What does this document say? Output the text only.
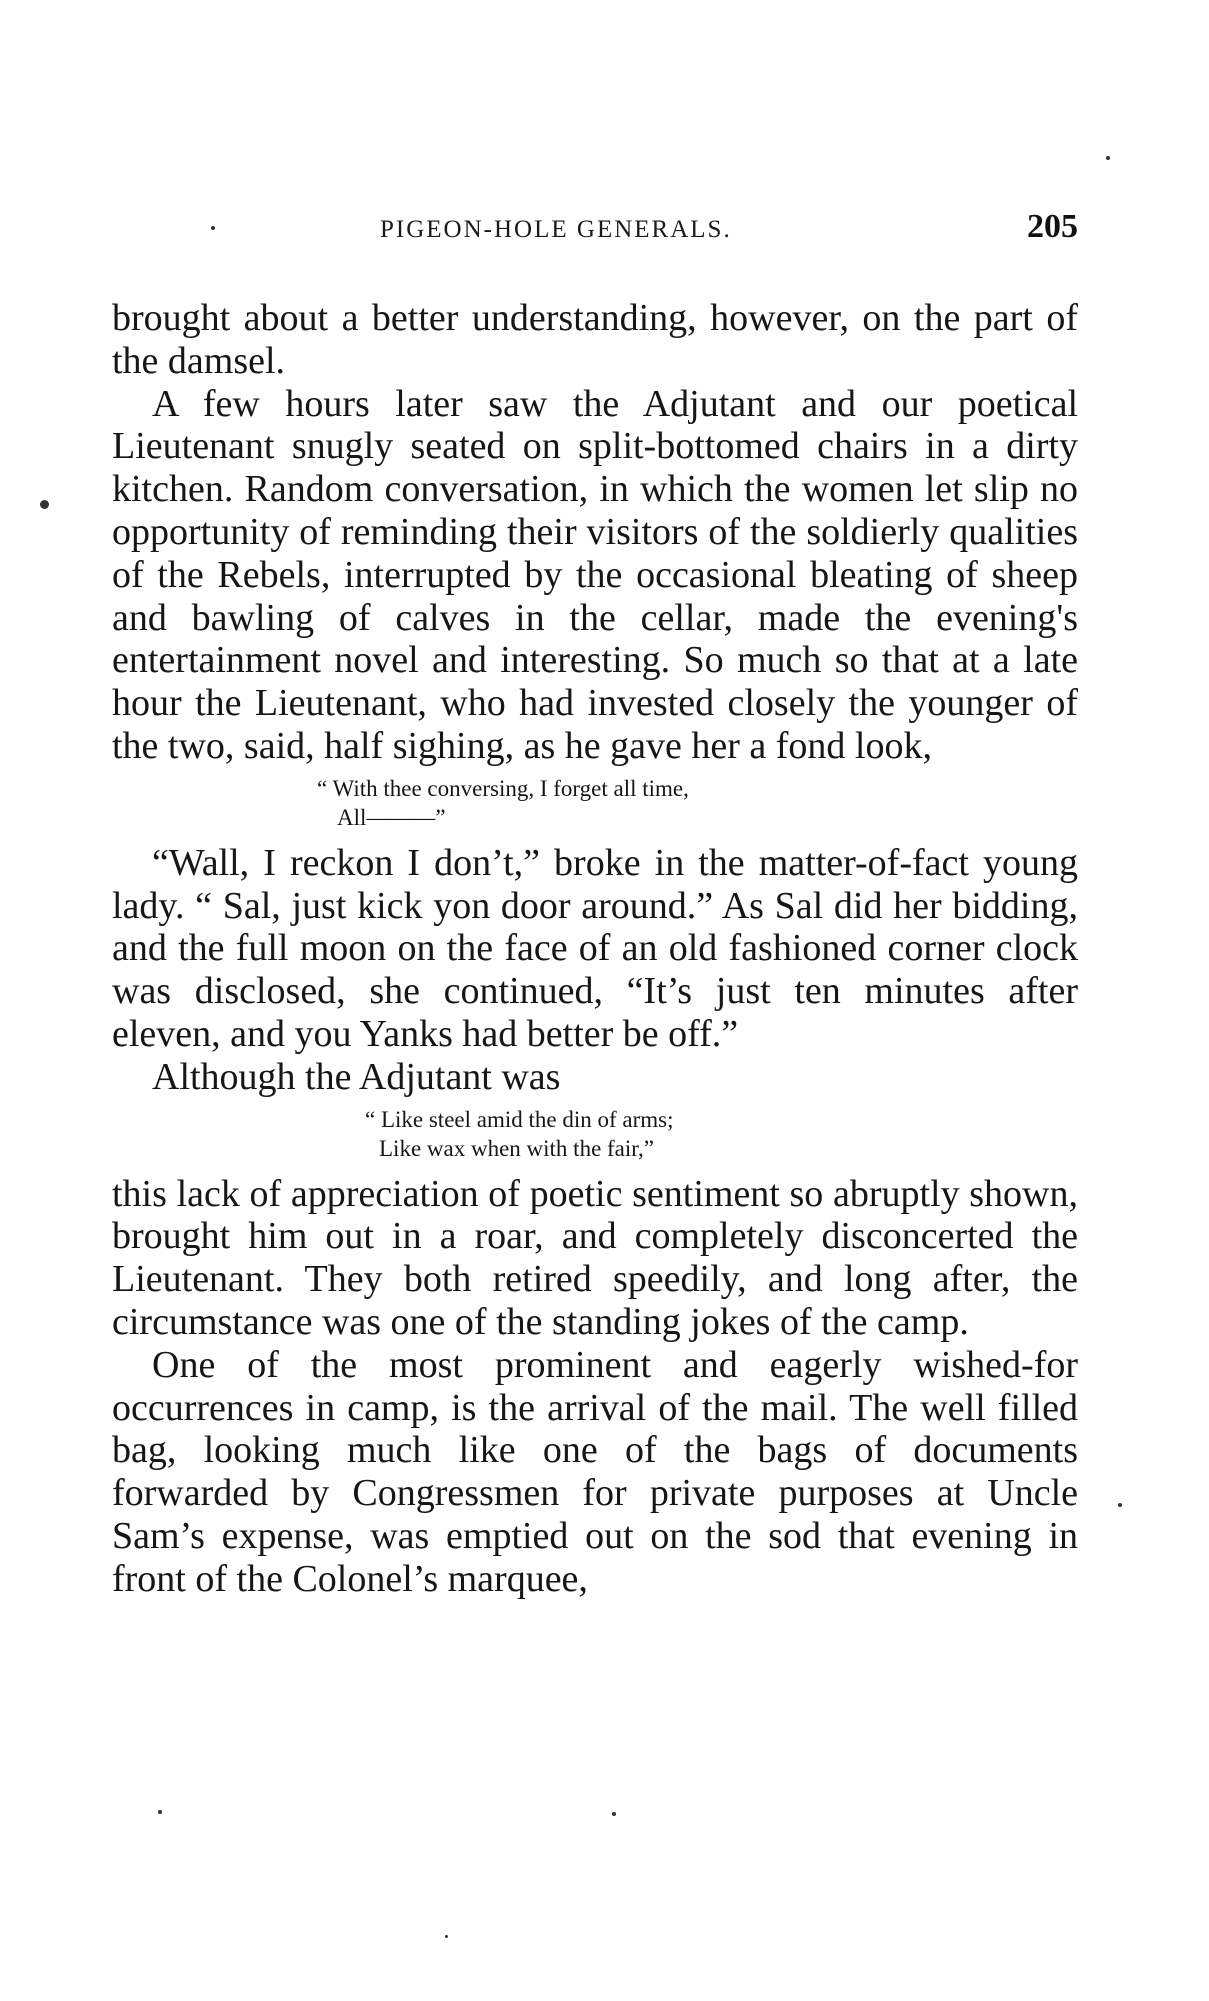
PIGEON-HOLE GENERALS.	205

brought about a better understanding, however, on the part of the damsel.

A few hours later saw the Adjutant and our poetical Lieutenant snugly seated on split-bottomed chairs in a dirty kitchen. Random conversation, in which the women let slip no opportunity of reminding their visitors of the soldierly qualities of the Rebels, interrupted by the occasional bleating of sheep and bawling of calves in the cellar, made the evening's entertainment novel and interesting. So much so that at a late hour the Lieutenant, who had invested closely the younger of the two, said, half sighing, as he gave her a fond look,

“ With thee conversing, I forget all time,
All———”

“Wall, I reckon I don’t,” broke in the matter-of-fact young lady. “ Sal, just kick yon door around.” As Sal did her bidding, and the full moon on the face of an old fashioned corner clock was disclosed, she continued, “It’s just ten minutes after eleven, and you Yanks had better be off.”

Although the Adjutant was

“ Like steel amid the din of arms;
Like wax when with the fair,”

this lack of appreciation of poetic sentiment so abruptly shown, brought him out in a roar, and completely disconcerted the Lieutenant. They both retired speedily, and long after, the circumstance was one of the standing jokes of the camp.

One of the most prominent and eagerly wished-for occurrences in camp, is the arrival of the mail. The well filled bag, looking much like one of the bags of documents forwarded by Congressmen for private purposes at Uncle Sam’s expense, was emptied out on the sod that evening in front of the Colonel’s marquee,
